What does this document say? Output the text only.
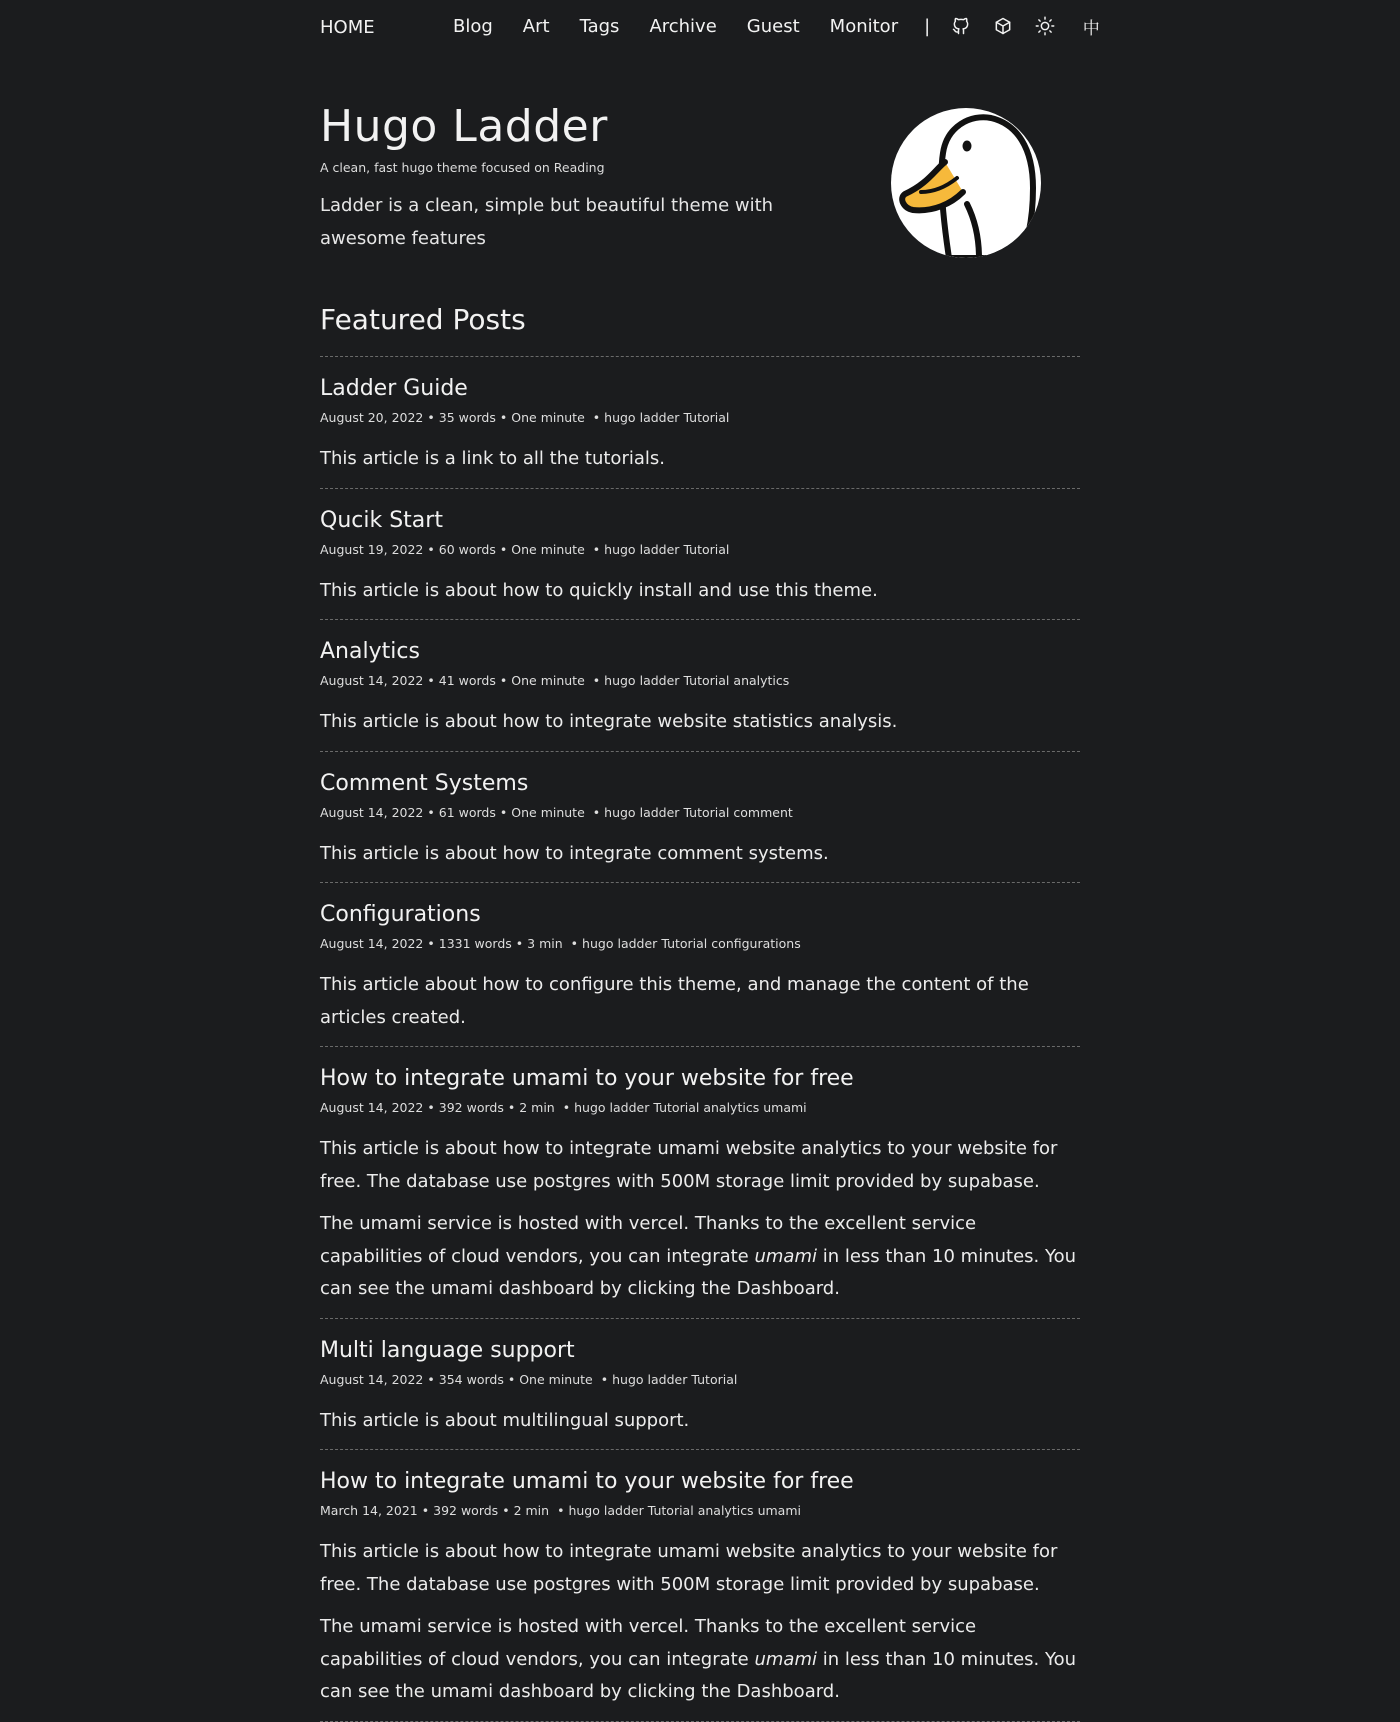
HOME	Blog Art Tags Archive Guest Monitor |	中
Hugo Ladder
A clean, fast hugo theme focused on Reading
Ladder is a clean, simple but beautiful theme with awesome features
Featured Posts
Ladder Guide
August 20, 2022 • 35 words • One minute • hugo ladder Tutorial

This article is a link to all the tutorials.

Qucik Start
August 19, 2022 • 60 words • One minute • hugo ladder Tutorial

This article is about how to quickly install and use this theme.

Analytics
August 14, 2022 • 41 words • One minute • hugo ladder Tutorial analytics

This article is about how to integrate website statistics analysis.

Comment Systems
August 14, 2022 • 61 words • One minute • hugo ladder Tutorial comment

This article is about how to integrate comment systems.

Configurations
August 14, 2022 • 1331 words • 3 min • hugo ladder Tutorial configurations

This article about how to configure this theme, and manage the content of the articles created.

How to integrate umami to your website for free
August 14, 2022 • 392 words • 2 min • hugo ladder Tutorial analytics umami

This article is about how to integrate umami website analytics to your website for free. The database use postgres with 500M storage limit provided by supabase.

The umami service is hosted with vercel. Thanks to the excellent service capabilities of cloud vendors, you can integrate umami in less than 10 minutes. You can see the umami dashboard by clicking the Dashboard.

Multi language support
August 14, 2022 • 354 words • One minute • hugo ladder Tutorial

This article is about multilingual support.

How to integrate umami to your website for free
March 14, 2021 • 392 words • 2 min • hugo ladder Tutorial analytics umami

This article is about how to integrate umami website analytics to your website for free. The database use postgres with 500M storage limit provided by supabase.

The umami service is hosted with vercel. Thanks to the excellent service capabilities of cloud vendors, you can integrate umami in less than 10 minutes. You can see the umami dashboard by clicking the Dashboard.
